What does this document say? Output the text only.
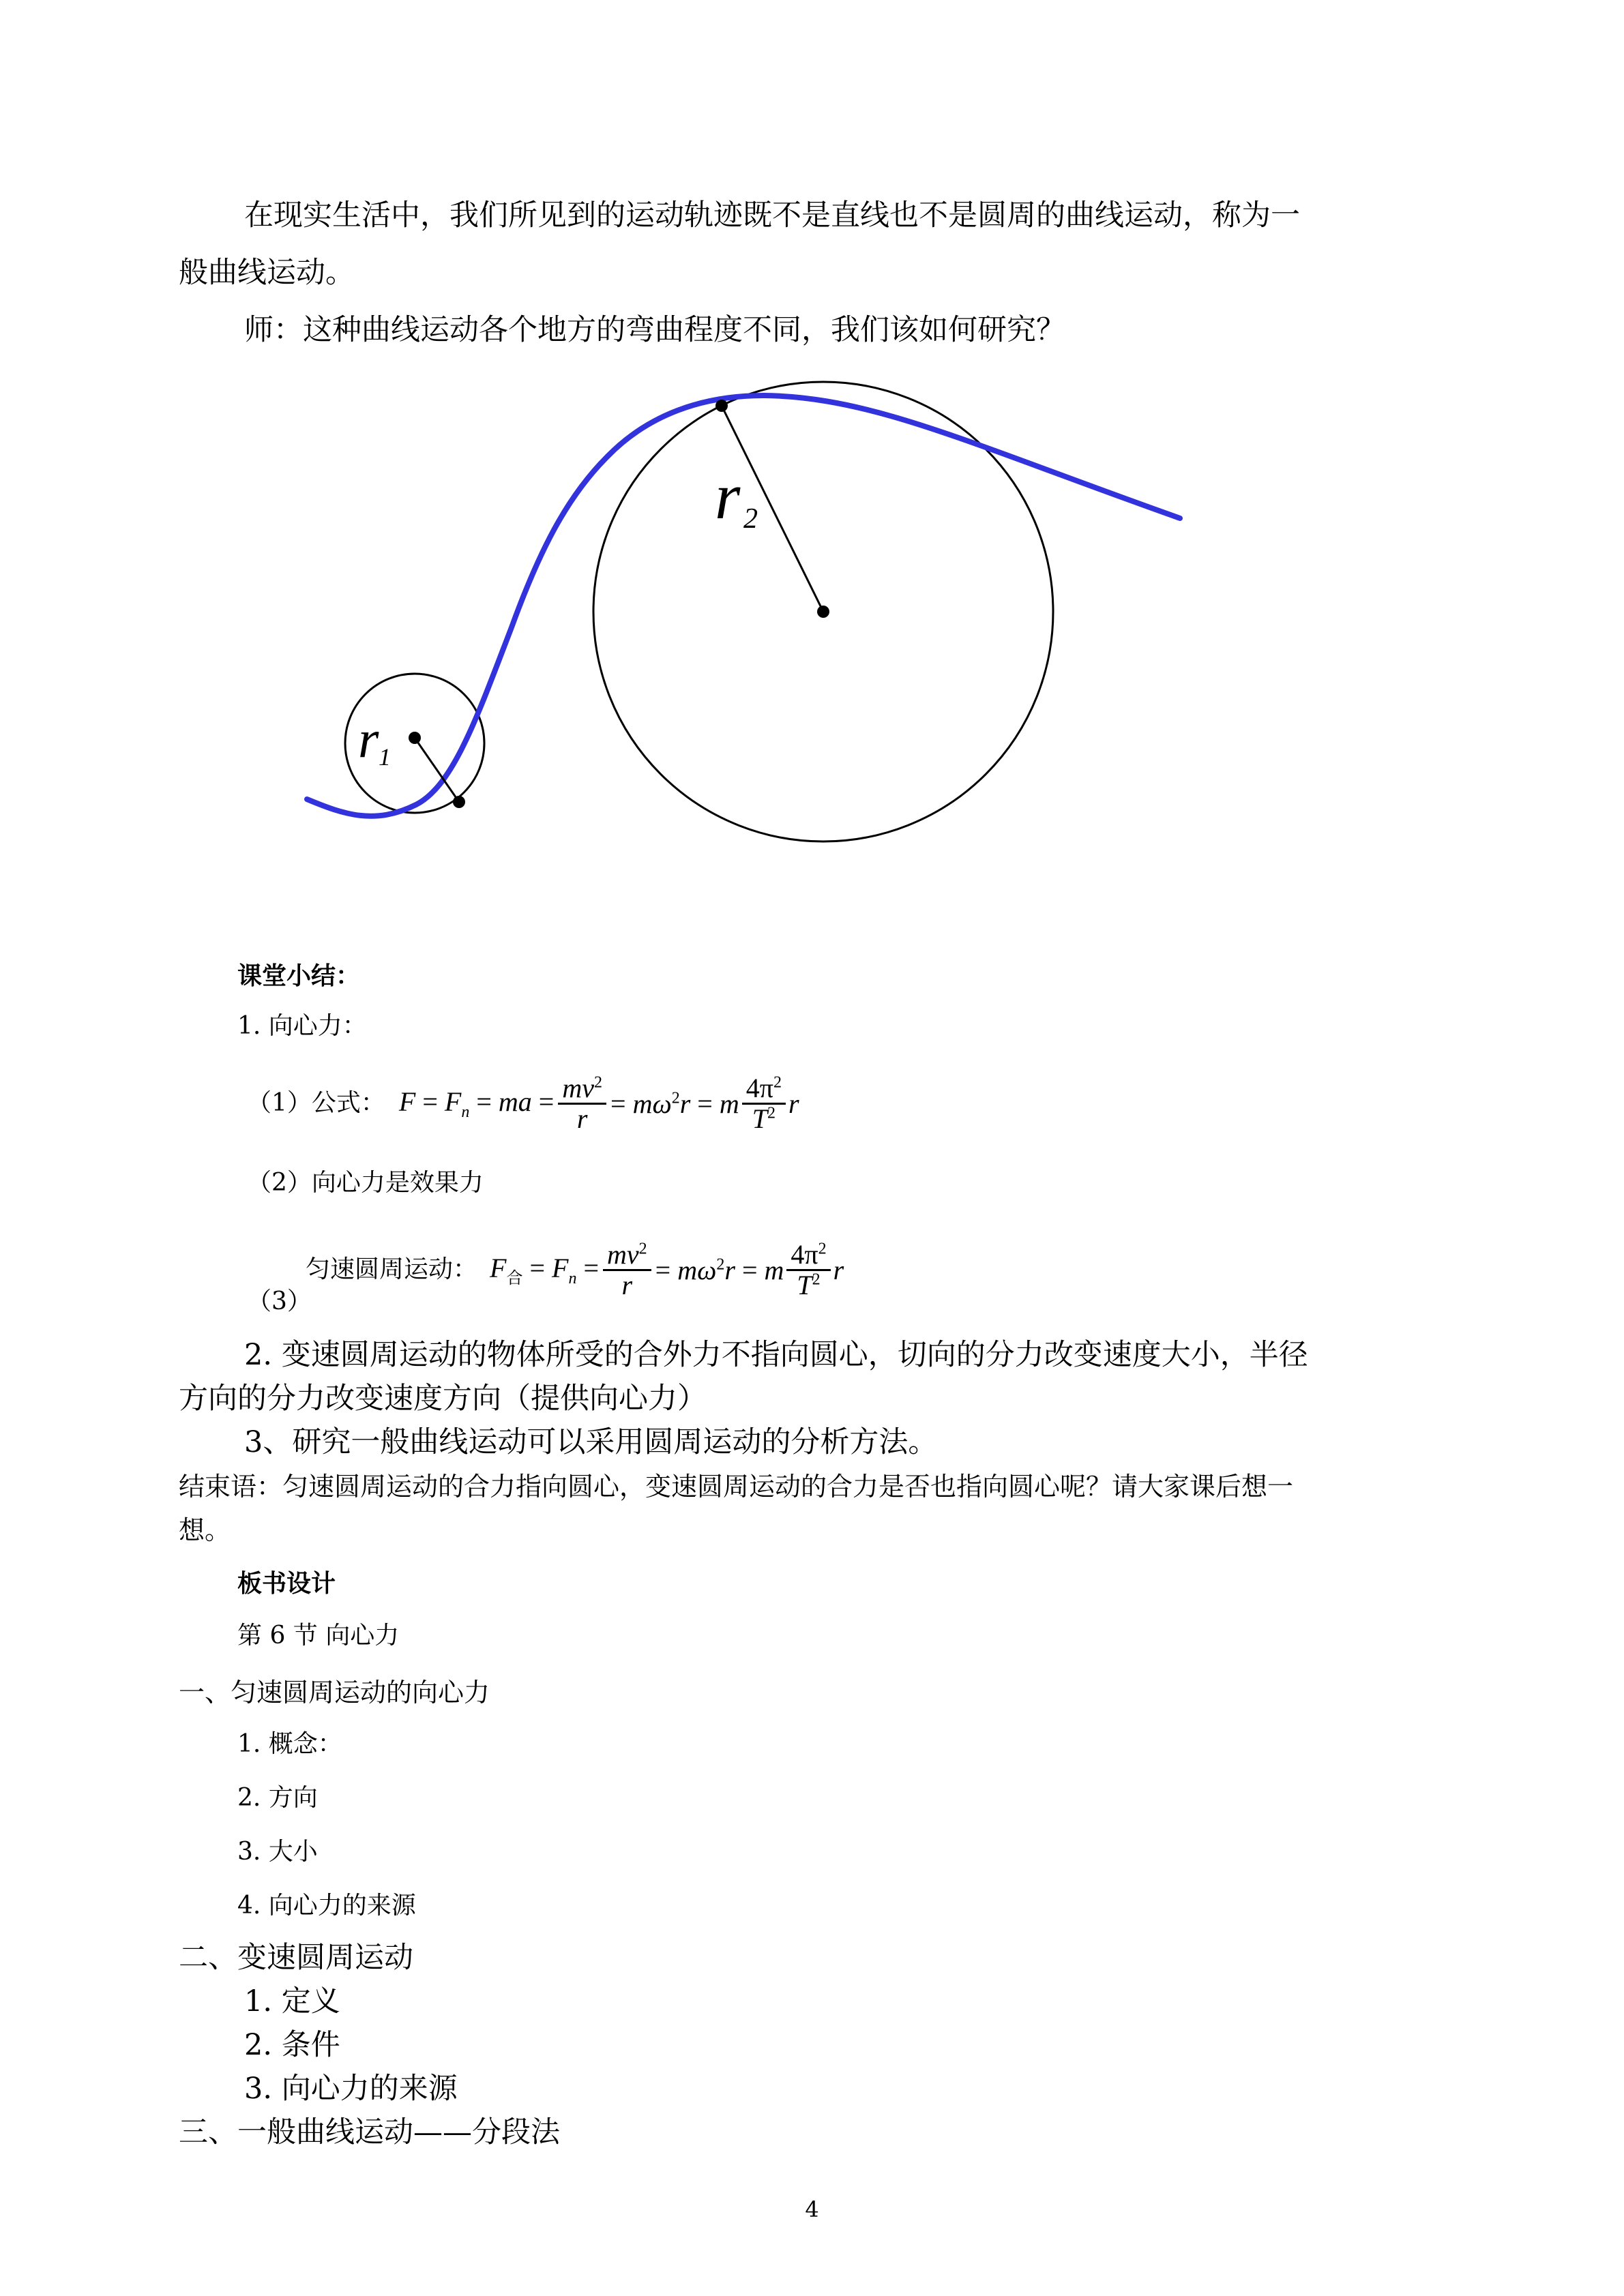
在现实生活中，我们所见到的运动轨迹既不是直线也不是圆周的曲线运动，称为一

般曲线运动。

师：这种曲线运动各个地方的弯曲程度不同，我们该如何研究？

r 1
r 2

课堂小结：

1. 向心力：

（1）公式： $F = F_n$ = ma = $\frac{mv^2}{r} = m\omega^2r = m \frac{4\pi^2}{T^2}$ r

（2）向心力是效果力

匀速圆周运动： $F_合 = F_n = \frac{mv^2}{r} = m\omega^2r = m \frac{4\pi^2}{T^2}$ r

（3）

2. 变速圆周运动的物体所受的合外力不指向圆心，切向的分力改变速度大小，半径

方向的分力改变速度方向（提供向心力）

3、研究一般曲线运动可以采用圆周运动的分析方法。

结束语：匀速圆周运动的合力指向圆心，变速圆周运动的合力是否也指向圆心呢？请大家课后想一

想。

板书设计

第 6 节 向心力

一、匀速圆周运动的向心力

1. 概念：

2. 方向

3. 大小

4. 向心力的来源

二、变速圆周运动

1. 定义

2. 条件

3. 向心力的来源

三、一般曲线运动——分段法

4
